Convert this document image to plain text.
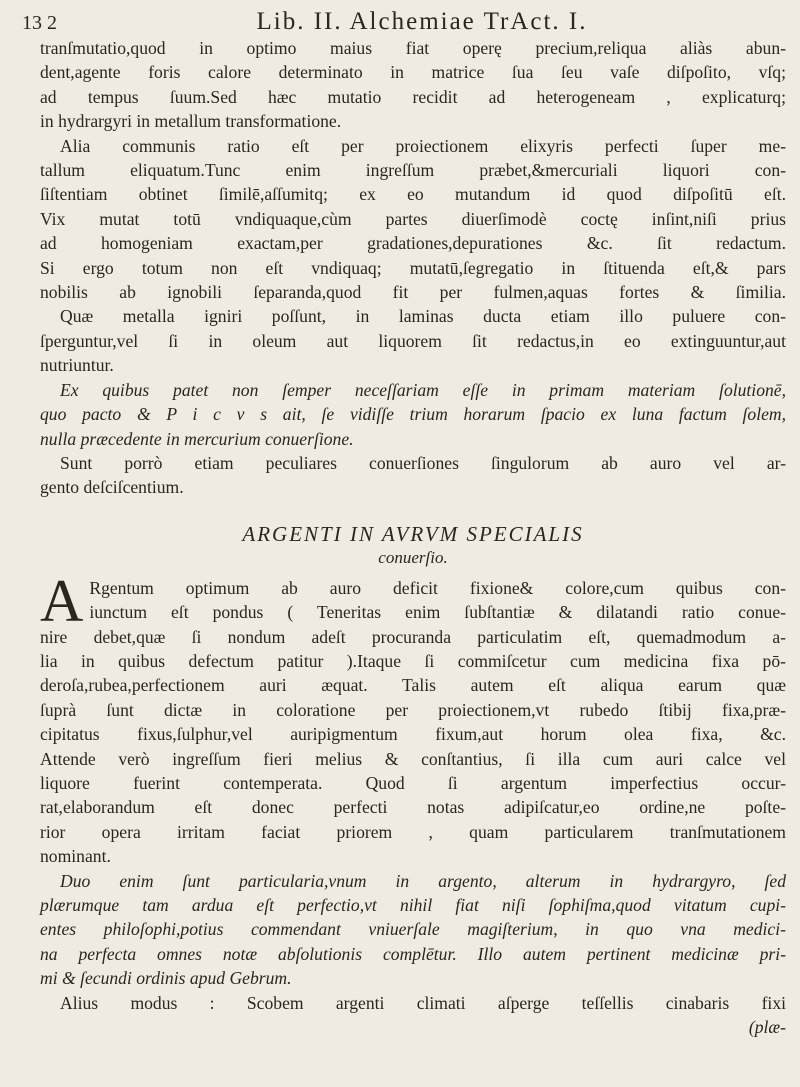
13 2	Lib. II. Alchemiae TrAct. I.
tranſmutatio,quod in optimo maius fiat operę precium,reliqua aliàs abun-
dent,agente foris calore determinato in matrice ſua ſeu vaſe diſpoſito, vſq;
ad tempus ſuum.Sed hæc mutatio recidit ad heterogeneam , explicaturq;
in hydrargyri in metallum transformatione.
Alia communis ratio eſt per proiectionem elixyris perfecti ſuper me-
tallum eliquatum.Tunc enim ingreſſum præbet,&mercuriali liquori con-
ſiſtentiam obtinet ſimilē,aſſumitq; ex eo mutandum id quod diſpoſitū eſt.
Vix mutat totū vndiquaque,cùm partes diuerſimodè coctę inſint,niſi prius
ad homogeniam exactam,per gradationes,depurationes &c. ſit redactum.
Si ergo totum non eſt vndiquaq; mutatū,ſegregatio in ſtituenda eſt,& pars
nobilis ab ignobili ſeparanda,quod fit per fulmen,aquas fortes & ſimilia.
Quæ metalla igniri poſſunt, in laminas ducta etiam illo puluere con-
ſperguntur,vel ſi in oleum aut liquorem ſit redactus,in eo extinguuntur,aut
nutriuntur.
Ex quibus patet non ſemper neceſſariam eſſe in primam materiam ſolutionē,
quo pacto & P i c v s ait, ſe vidiſſe trium horarum ſpacio ex luna factum ſolem,
nulla præcedente in mercurium conuerſione.
Sunt porrò etiam peculiares conuerſiones ſingulorum ab auro vel ar-
gento deſciſcentium.
ARGENTI IN AVRVM SPECIALIS
conuerſio.
A Rgentum optimum ab auro deficit fixione& colore,cum quibus con-
iunctum eſt pondus ( Teneritas enim ſubſtantiæ & dilatandi ratio conue-
nire debet,quæ ſi nondum adeſt procuranda particulatim eſt, quemadmodum a-
lia in quibus defectum patitur ).Itaque ſi commiſcetur cum medicina fixa pō-
deroſa,rubea,perfectionem auri æquat. Talis autem eſt aliqua earum quæ
ſuprà ſunt dictæ in coloratione per proiectionem,vt rubedo ſtibij fixa,præ-
cipitatus fixus,ſulphur,vel auripigmentum fixum,aut horum olea fixa, &c.
Attende verò ingreſſum fieri melius & conſtantius, ſi illa cum auri calce vel
liquore fuerint contemperata. Quod ſi argentum imperfectius occur-
rat,elaborandum eſt donec perfecti notas adipiſcatur,eo ordine,ne poſte-
rior opera irritam faciat priorem , quam particularem tranſmutationem
nominant.
Duo enim ſunt particularia,vnum in argento, alterum in hydrargyro, ſed
plærumque tam ardua eſt perfectio,vt nihil fiat niſi ſophiſma,quod vitatum cupi-
entes philoſophi,potius commendant vniuerſale magiſterium, in quo vna medici-
na perfecta omnes notæ abſolutionis complētur. Illo autem pertinent medicinæ pri-
mi & ſecundi ordinis apud Gebrum.
Alius modus : Scobem argenti climati aſperge teſſellis cinabaris fixi
(plæ-
